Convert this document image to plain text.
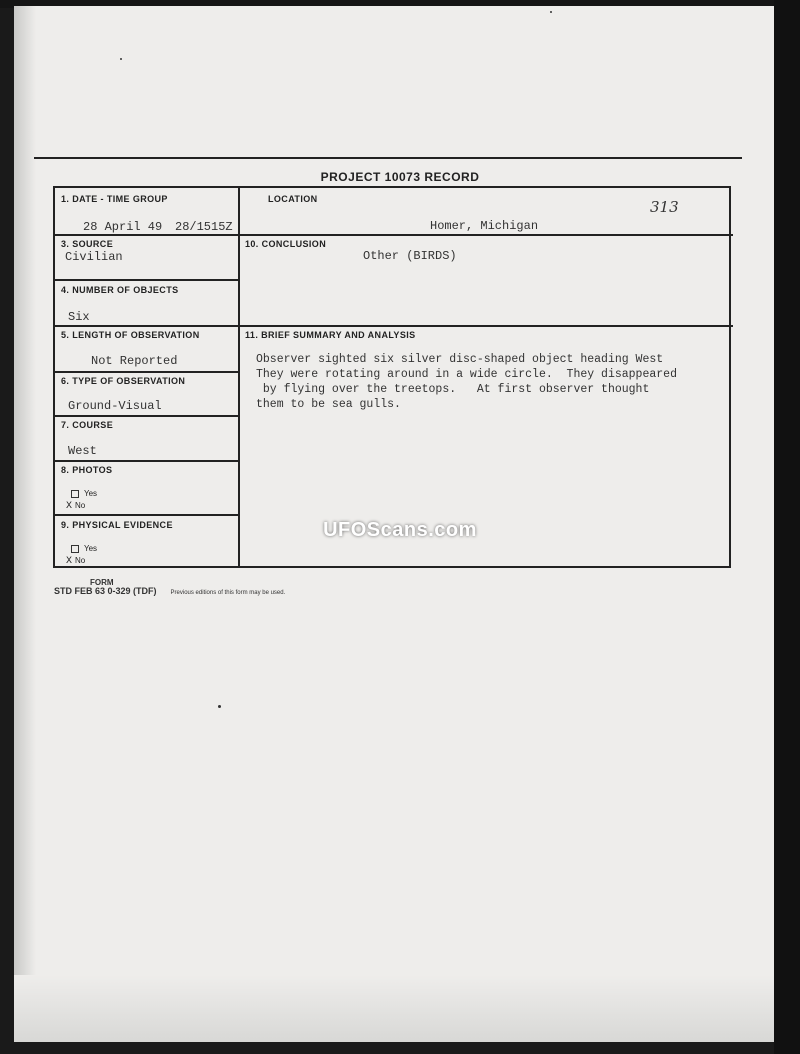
PROJECT 10073 RECORD
313
1. DATE - TIME GROUP
28 April 49 28/1515Z
LOCATION
Homer, Michigan
3. SOURCE
Civilian
10. CONCLUSION
Other (BIRDS)
4. NUMBER OF OBJECTS
Six
5. LENGTH OF OBSERVATION
Not Reported
11. BRIEF SUMMARY AND ANALYSIS
Observer sighted six silver disc-shaped object heading West
They were rotating around in a wide circle.  They disappeared
by flying over the treetops.   At first observer thought
them to be sea gulls.
6. TYPE OF OBSERVATION
Ground-Visual
7. COURSE
West
8. PHOTOS
Yes
X No
9. PHYSICAL EVIDENCE
Yes
X No
UFOScans.com
FORM
STD FEB 63 0-329 (TDF) Previous editions of this form may be used.
